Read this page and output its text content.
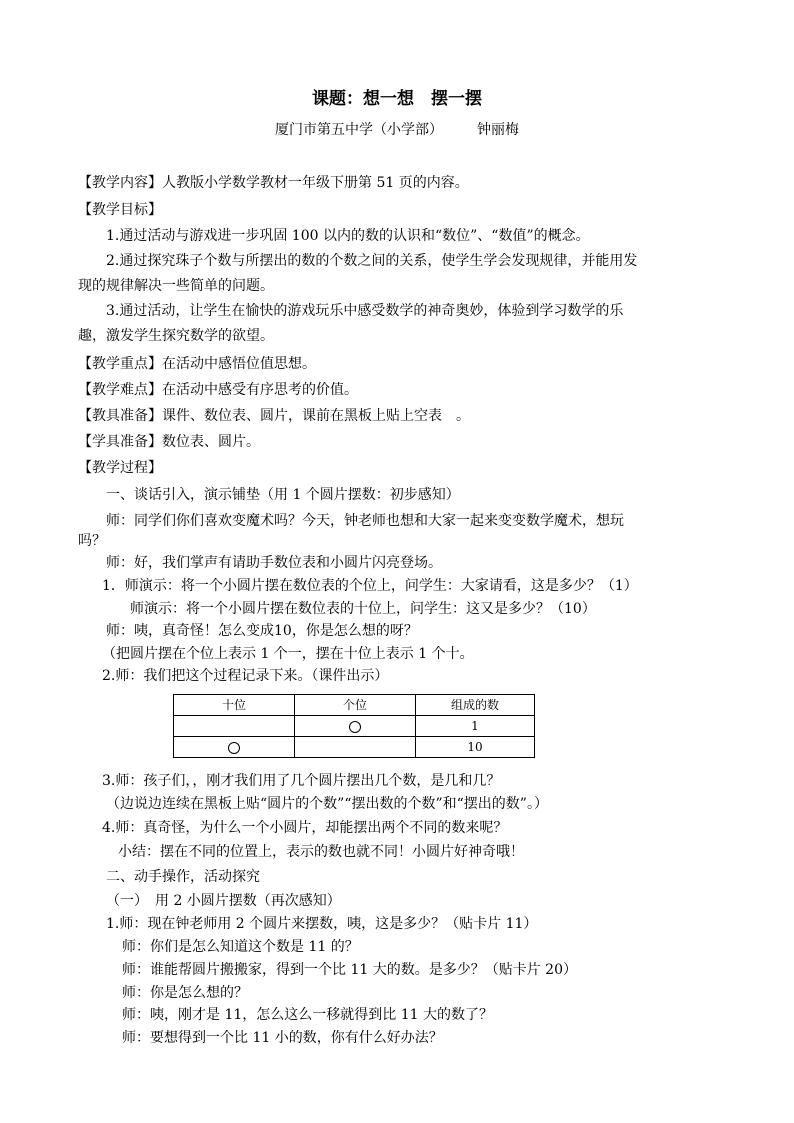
课题：想一想　摆一摆
厦门市第五中学（小学部） 钟丽梅
【教学内容】人教版小学数学教材一年级下册第 51 页的内容。
【教学目标】
1.通过活动与游戏进一步巩固 100 以内的数的认识和“数位”、“数值”的概念。
2.通过探究珠子个数与所摆出的数的个数之间的关系，使学生学会发现规律，并能用发
现的规律解决一些简单的问题。
3.通过活动，让学生在愉快的游戏玩乐中感受数学的神奇奥妙，体验到学习数学的乐
趣，激发学生探究数学的欲望。
【教学重点】在活动中感悟位值思想。
【教学难点】在活动中感受有序思考的价值。
【教具准备】课件、数位表、圆片，课前在黑板上贴上空表　。
【学具准备】数位表、圆片。
【教学过程】
一、谈话引入，演示铺垫（用 1 个圆片摆数：初步感知）
师：同学们你们喜欢变魔术吗？今天，钟老师也想和大家一起来变变数学魔术，想玩
吗？
师：好，我们掌声有请助手数位表和小圆片闪亮登场。
1．师演示：将一个小圆片摆在数位表的个位上，问学生：大家请看，这是多少？（1）
师演示：将一个小圆片摆在数位表的十位上，问学生：这又是多少？（10）
师：咦，真奇怪！怎么变成10，你是怎么想的呀？
（把圆片摆在个位上表示 1 个一，摆在十位上表示 1 个十。
2.师：我们把这个过程记录下来。（课件出示）
十位	个位	组成的数
		1
		10
3.师：孩子们，，刚才我们用了几个圆片摆出几个数，是几和几？
（边说边连续在黑板上贴“圆片的个数”“摆出数的个数”和“摆出的数”。）
4.师：真奇怪，为什么一个小圆片，却能摆出两个不同的数来呢？
小结：摆在不同的位置上，表示的数也就不同！小圆片好神奇哦！
二、动手操作，活动探究
（一）　用 2 小圆片摆数（再次感知）
1.师：现在钟老师用 2 个圆片来摆数，咦，这是多少？（贴卡片 11）
师：你们是怎么知道这个数是 11 的？
师：谁能帮圆片搬搬家，得到一个比 11 大的数。是多少？（贴卡片 20）
师：你是怎么想的？
师：咦，刚才是 11，怎么这么一移就得到比 11 大的数了？
师：要想得到一个比 11 小的数，你有什么好办法？
